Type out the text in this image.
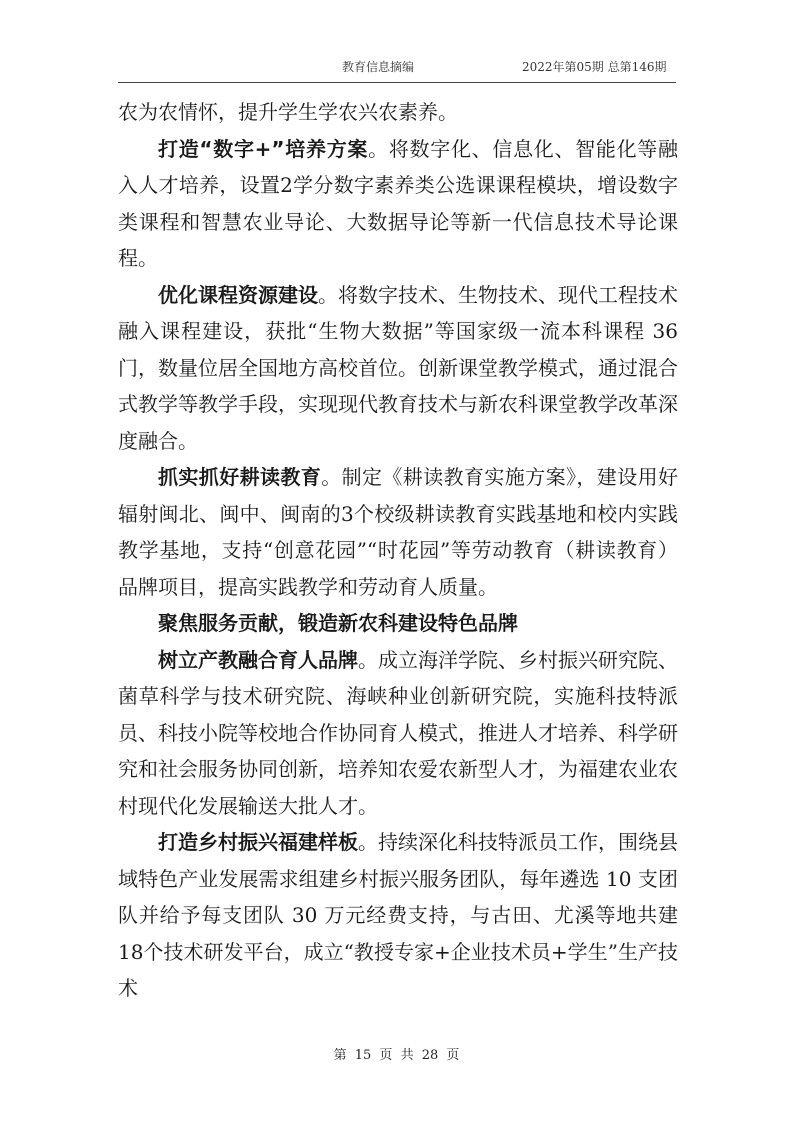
教育信息摘编	2022年第05期 总第146期

农为农情怀，提升学生学农兴农素养。

打造“数字+”培养方案。将数字化、信息化、智能化等融入人才培养，设置2学分数字素养类公选课课程模块，增设数字类课程和智慧农业导论、大数据导论等新一代信息技术导论课程。

优化课程资源建设。将数字技术、生物技术、现代工程技术融入课程建设，获批“生物大数据”等国家级一流本科课程 36门，数量位居全国地方高校首位。创新课堂教学模式，通过混合式教学等教学手段，实现现代教育技术与新农科课堂教学改革深度融合。

抓实抓好耕读教育。制定《耕读教育实施方案》，建设用好辐射闽北、闽中、闽南的3个校级耕读教育实践基地和校内实践教学基地，支持“创意花园”“时花园”等劳动教育（耕读教育）品牌项目，提高实践教学和劳动育人质量。

聚焦服务贡献，锻造新农科建设特色品牌

树立产教融合育人品牌。成立海洋学院、乡村振兴研究院、菌草科学与技术研究院、海峡种业创新研究院，实施科技特派员、科技小院等校地合作协同育人模式，推进人才培养、科学研究和社会服务协同创新，培养知农爱农新型人才，为福建农业农村现代化发展输送大批人才。

打造乡村振兴福建样板。持续深化科技特派员工作，围绕县域特色产业发展需求组建乡村振兴服务团队，每年遴选 10 支团队并给予每支团队 30 万元经费支持，与古田、尤溪等地共建18个技术研发平台，成立“教授专家+企业技术员+学生”生产技术

第 15 页 共 28 页
